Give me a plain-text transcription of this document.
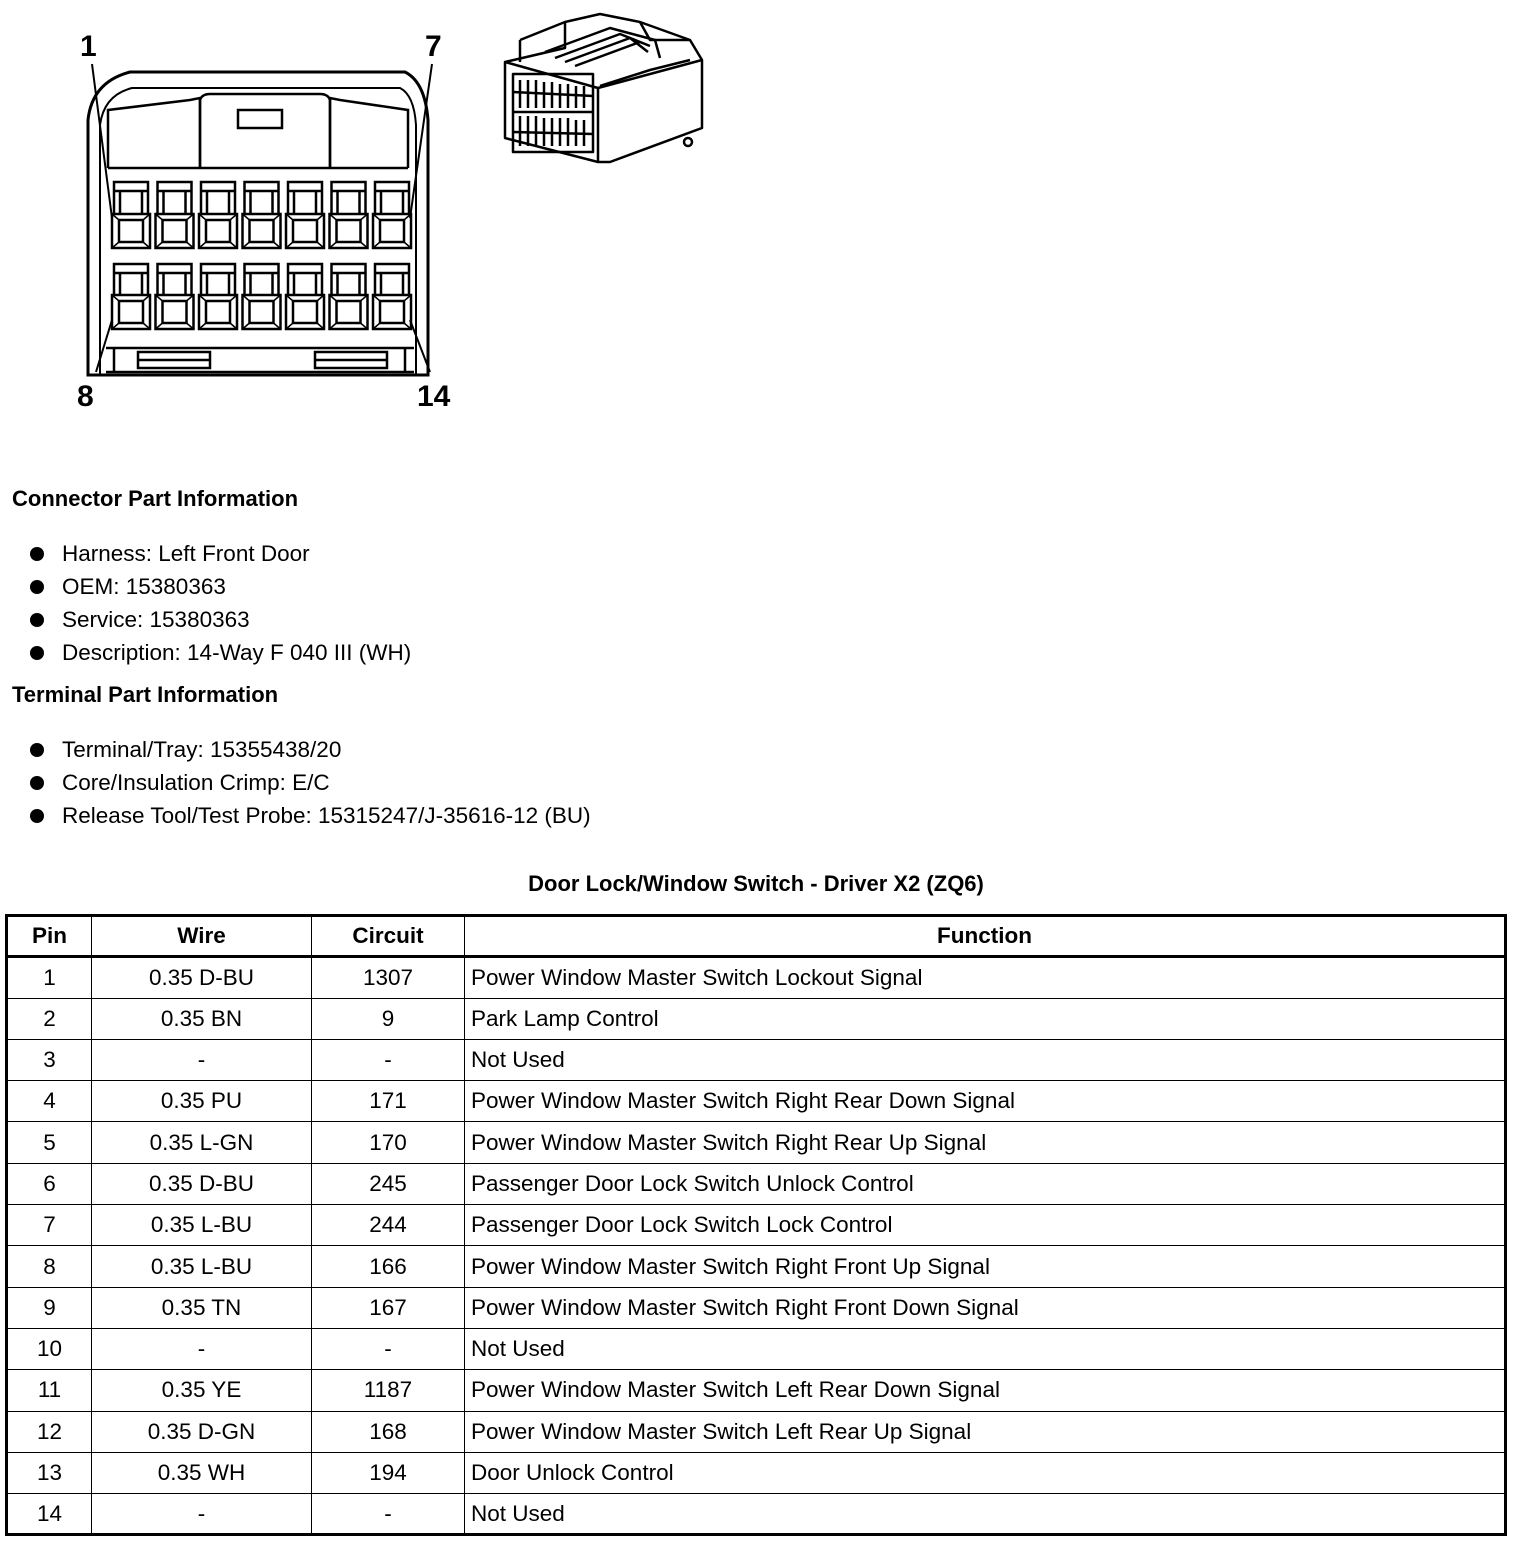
1	7
8	14
Connector Part Information
Harness: Left Front Door
OEM: 15380363
Service: 15380363
Description: 14-Way F 040 III (WH)
Terminal Part Information
Terminal/Tray: 15355438/20
Core/Insulation Crimp: E/C
Release Tool/Test Probe: 15315247/J-35616-12 (BU)
Door Lock/Window Switch - Driver X2 (ZQ6)
Pin	Wire	Circuit	Function
1	0.35 D-BU	1307	Power Window Master Switch Lockout Signal
2	0.35 BN	9	Park Lamp Control
3	-	-	Not Used
4	0.35 PU	171	Power Window Master Switch Right Rear Down Signal
5	0.35 L-GN	170	Power Window Master Switch Right Rear Up Signal
6	0.35 D-BU	245	Passenger Door Lock Switch Unlock Control
7	0.35 L-BU	244	Passenger Door Lock Switch Lock Control
8	0.35 L-BU	166	Power Window Master Switch Right Front Up Signal
9	0.35 TN	167	Power Window Master Switch Right Front Down Signal
10	-	-	Not Used
11	0.35 YE	1187	Power Window Master Switch Left Rear Down Signal
12	0.35 D-GN	168	Power Window Master Switch Left Rear Up Signal
13	0.35 WH	194	Door Unlock Control
14	-	-	Not Used
